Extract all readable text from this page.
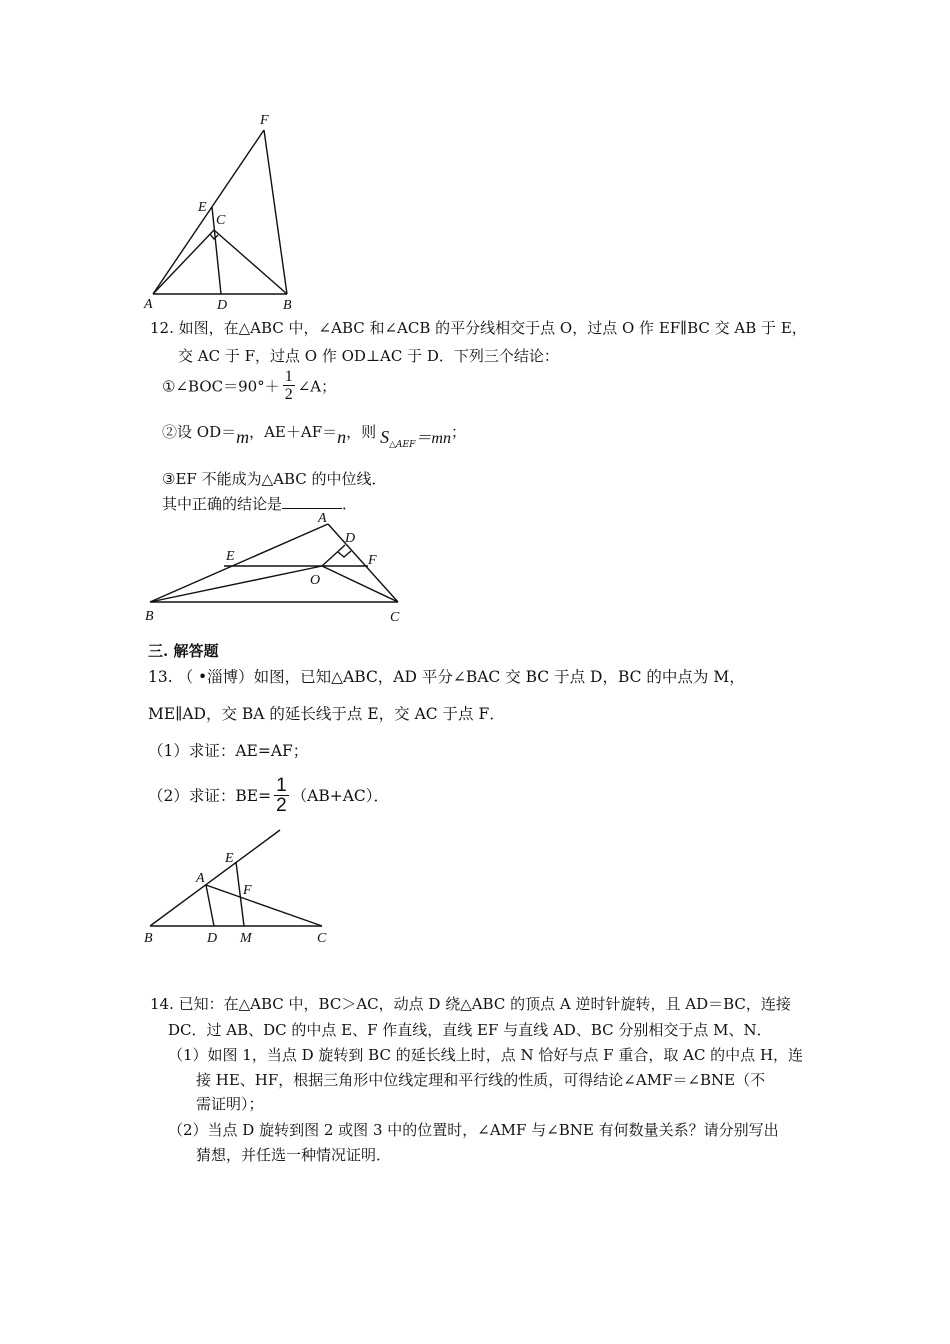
F
E
C
A	D	B
12. 如图，在△ABC 中，∠ABC 和∠ACB 的平分线相交于点 O，过点 O 作 EF∥BC 交 AB 于 E，
交 AC 于 F，过点 O 作 OD⊥AC 于 D．下列三个结论：
①∠BOC＝90°＋ $\frac{1}{2}$ ∠A；
②设 OD＝m，AE＋AF＝n，则 $S_{\triangle AEF}=mn$；
③EF 不能成为△ABC 的中位线．
其中正确的结论是	．
A
D
E	F
O
B	C
三. 解答题
13. （ •淄博）如图，已知△ABC，AD 平分∠BAC 交 BC 于点 D，BC 的中点为 M，
ME∥AD，交 BA 的延长线于点 E，交 AC 于点 F．
（1）求证：AE=AF；
（2）求证：$BE= \frac{1}{2} (AB+AC)$．
E
A
F
B	D M	C
14. 已知：在△ABC 中，BC＞AC，动点 D 绕△ABC 的顶点 A 逆时针旋转，且 AD＝BC，连接
DC．过 AB、DC 的中点 E、F 作直线，直线 EF 与直线 AD、BC 分别相交于点 M、N．
（1）如图 1，当点 D 旋转到 BC 的延长线上时，点 N 恰好与点 F 重合，取 AC 的中点 H，连
接 HE、HF，根据三角形中位线定理和平行线的性质，可得结论∠AMF＝∠BNE（不
需证明）；
（2）当点 D 旋转到图 2 或图 3 中的位置时，∠AMF 与∠BNE 有何数量关系？请分别写出
猜想，并任选一种情况证明．
